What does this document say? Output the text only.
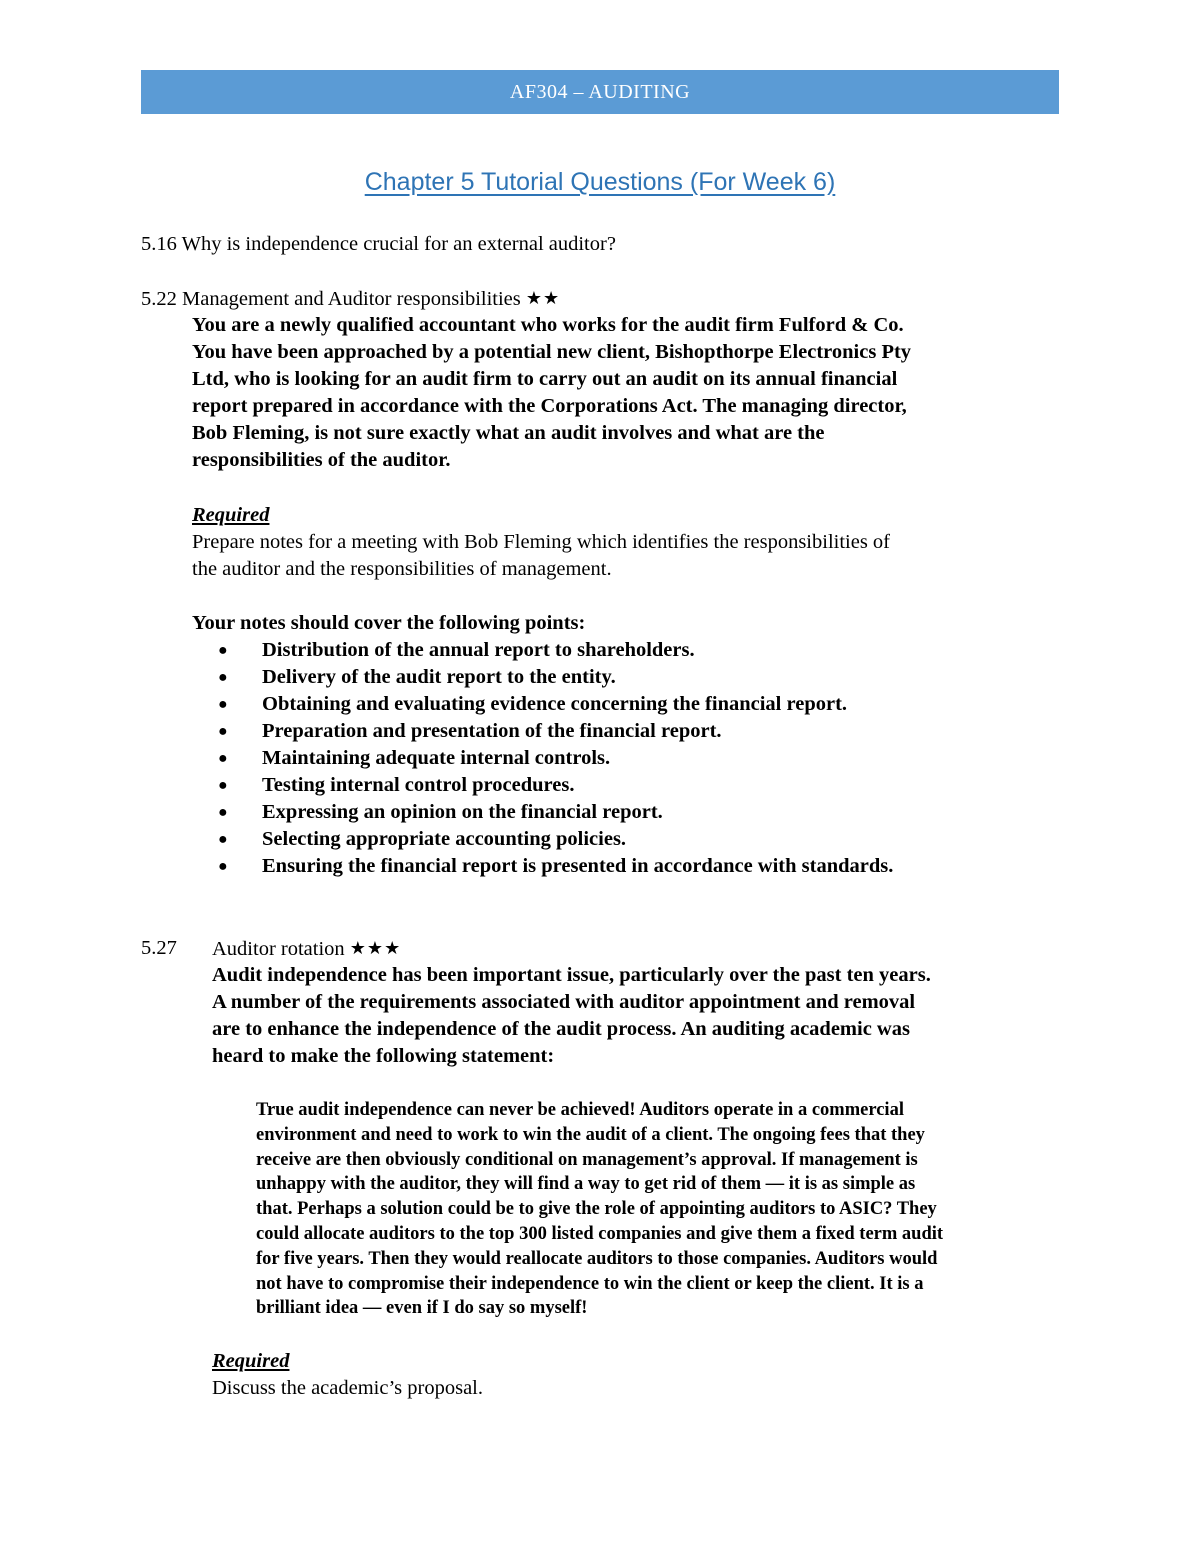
AF304 – AUDITING
Chapter 5 Tutorial Questions (For Week 6)
5.16 Why is independence crucial for an external auditor?
5.22 Management and Auditor responsibilities ★★

You are a newly qualified accountant who works for the audit firm Fulford & Co.

You have been approached by a potential new client, Bishopthorpe Electronics Pty

Ltd, who is looking for an audit firm to carry out an audit on its annual financial

report prepared in accordance with the Corporations Act. The managing director,

Bob Fleming, is not sure exactly what an audit involves and what are the

responsibilities of the auditor.

Required

Prepare notes for a meeting with Bob Fleming which identifies the responsibilities of

the auditor and the responsibilities of management.

Your notes should cover the following points:
● Distribution of the annual report to shareholders.
● Delivery of the audit report to the entity.
● Obtaining and evaluating evidence concerning the financial report.
● Preparation and presentation of the financial report.
● Maintaining adequate internal controls.
● Testing internal control procedures.
● Expressing an opinion on the financial report.
● Selecting appropriate accounting policies.
● Ensuring the financial report is presented in accordance with standards.
5.27 Auditor rotation ★★★

Audit independence has been important issue, particularly over the past ten years.

A number of the requirements associated with auditor appointment and removal

are to enhance the independence of the audit process. An auditing academic was

heard to make the following statement:

True audit independence can never be achieved! Auditors operate in a commercial
environment and need to work to win the audit of a client. The ongoing fees that they
receive are then obviously conditional on management’s approval. If management is
unhappy with the auditor, they will find a way to get rid of them — it is as simple as
that. Perhaps a solution could be to give the role of appointing auditors to ASIC? They
could allocate auditors to the top 300 listed companies and give them a fixed term audit
for five years. Then they would reallocate auditors to those companies. Auditors would
not have to compromise their independence to win the client or keep the client. It is a
brilliant idea — even if I do say so myself!

Required

Discuss the academic’s proposal.
